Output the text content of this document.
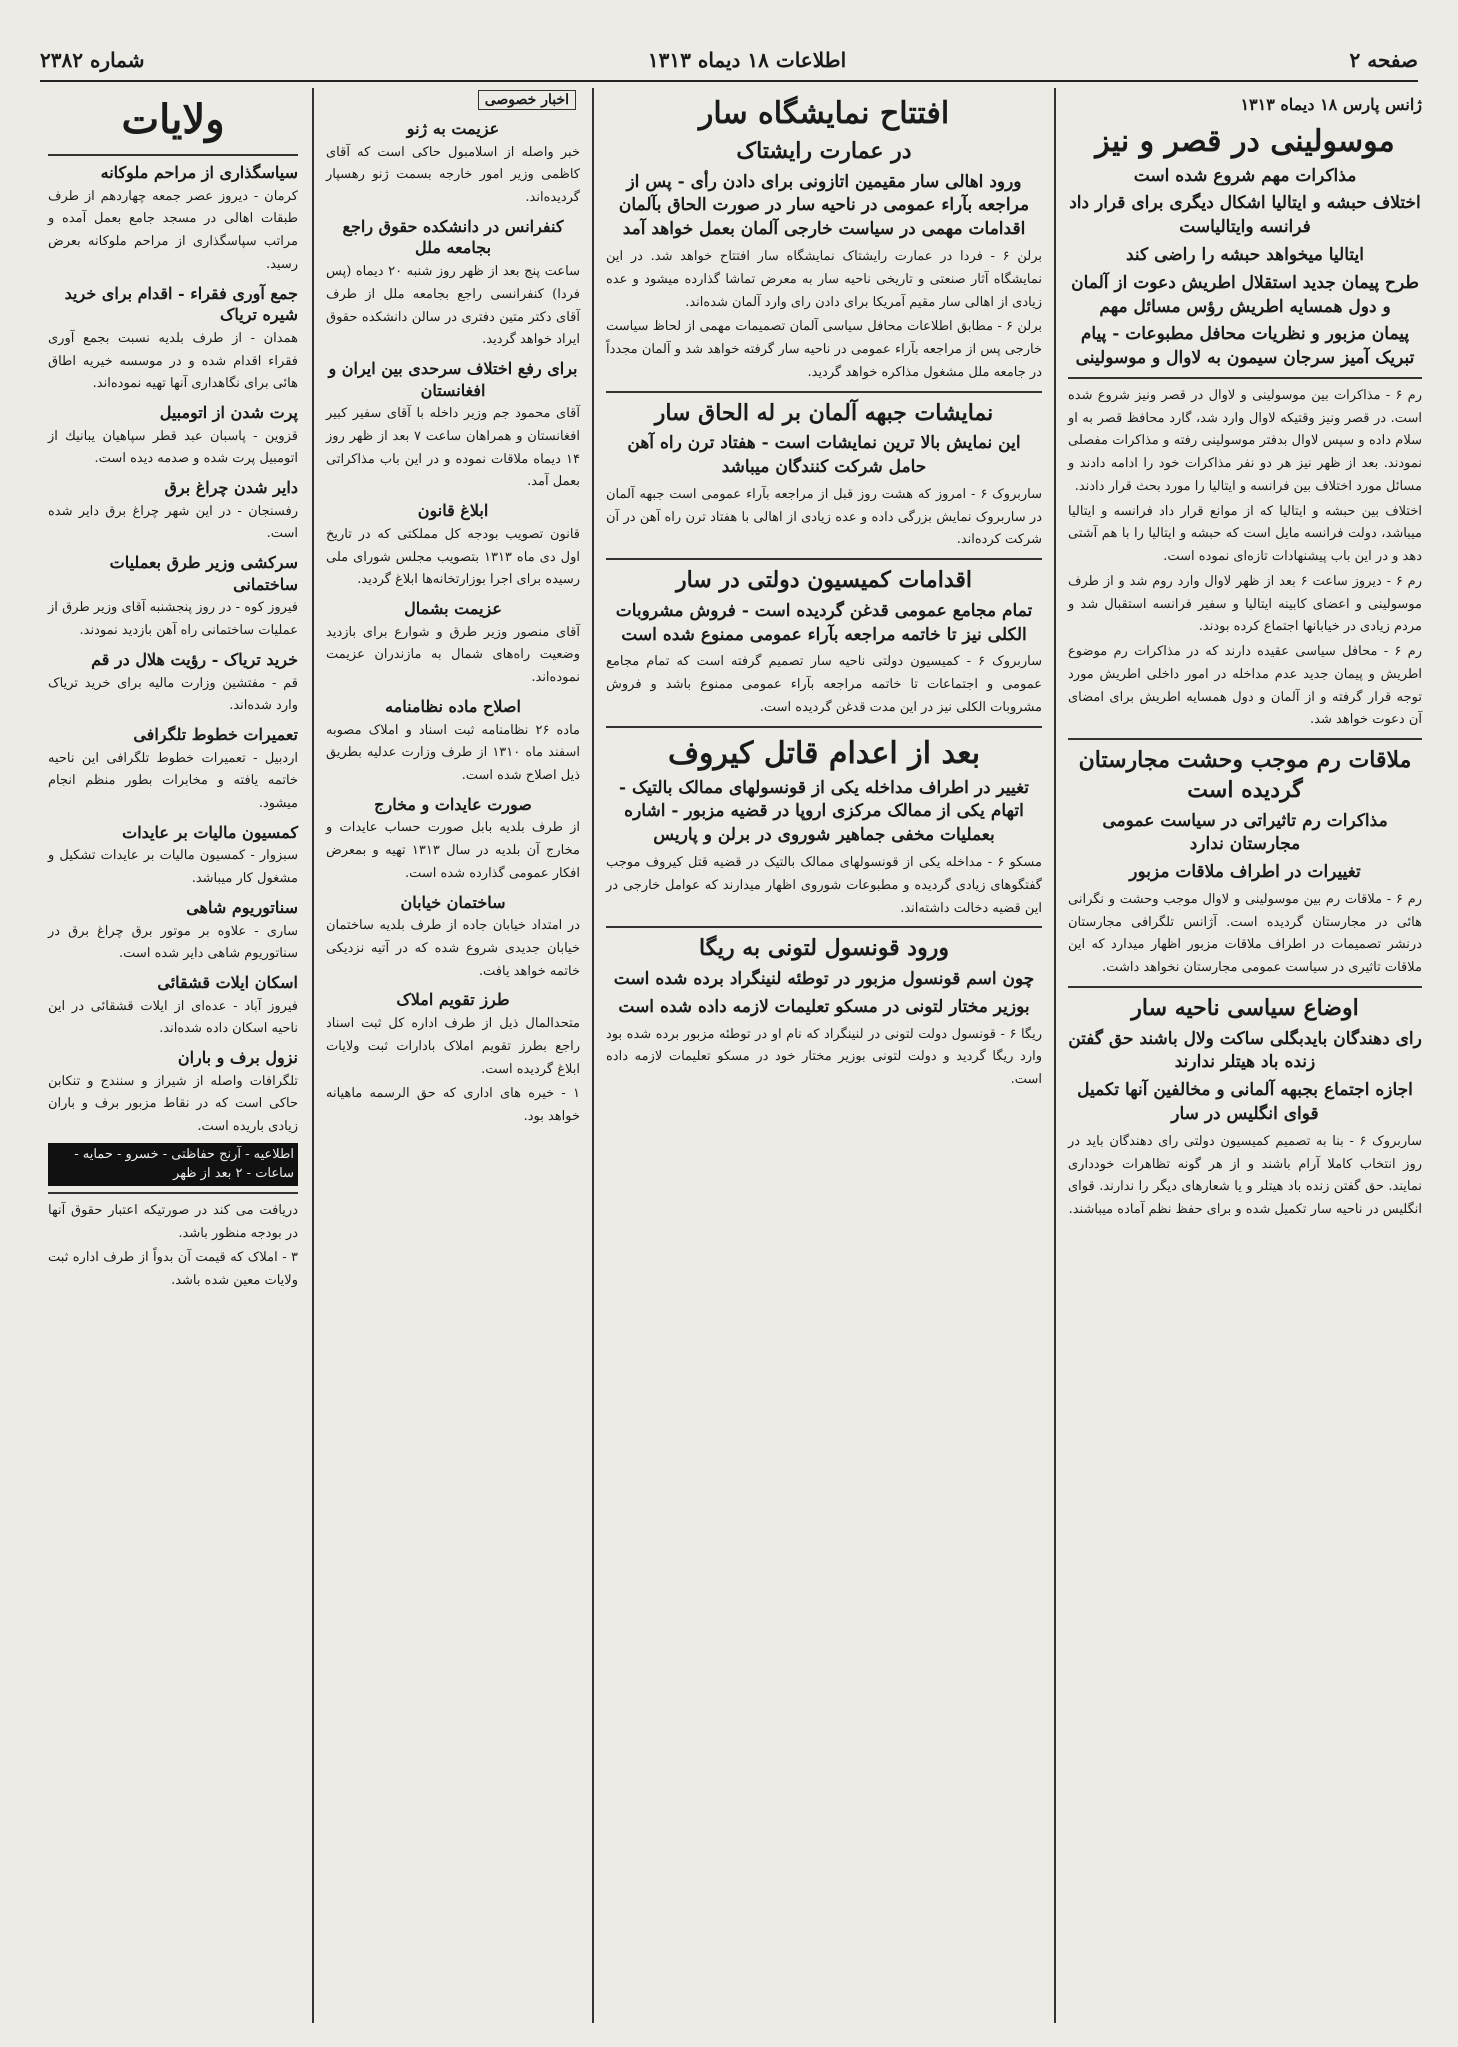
صفحه ۲
اطلاعات ۱۸ دیماه ۱۳۱۳
شماره ۲۳۸۲
ژانس پارس ۱۸ دیماه ۱۳۱۳
موسولینی در قصر و نیز
مذاکرات مهم شروع شده است
اختلاف حبشه و ایتالیا اشکال دیگری برای قرار داد فرانسه وایتالیاست
ایتالیا میخواهد حبشه را راضی کند
طرح پیمان جدید استقلال اطریش دعوت از آلمان و دول همسایه اطریش رؤس مسائل مهم
پیمان مزبور و نظریات محافل مطبوعات - پیام تبریک آمیز سرجان سیمون به لاوال و موسولینی
رم ۶ - مذاکرات بین موسولینی و لاوال در قصر ونیز شروع شده است. در قصر ونیز وقتیکه لاوال وارد شد، گارد محافظ قصر به او سلام داده و سپس لاوال بدفتر موسولینی رفته و مذاکرات مفصلی نمودند. بعد از ظهر نیز هر دو نفر مذاکرات خود را ادامه دادند و مسائل مورد اختلاف بین فرانسه و ایتالیا را مورد بحث قرار دادند.
اختلاف بین حبشه و ایتالیا که از موانع قرار داد فرانسه و ایتالیا میباشد، دولت فرانسه مایل است که حبشه و ایتالیا را با هم آشتی دهد و در این باب پیشنهادات تازه‌ای نموده است.
رم ۶ - دیروز ساعت ۶ بعد از ظهر لاوال وارد روم شد و از طرف موسولینی و اعضای کابینه ایتالیا و سفیر فرانسه استقبال شد و مردم زیادی در خیابانها اجتماع کرده بودند.
رم ۶ - محافل سیاسی عقیده دارند که در مذاکرات رم موضوع اطریش و پیمان جدید عدم مداخله در امور داخلی اطریش مورد توجه قرار گرفته و از آلمان و دول همسایه اطریش برای امضای آن دعوت خواهد شد.
ملاقات رم موجب وحشت مجارستان گردیده است
مذاکرات رم تاثیراتی در سیاست عمومی مجارستان ندارد
تغییرات در اطراف ملاقات مزبور
رم ۶ - ملاقات رم بین موسولینی و لاوال موجب وحشت و نگرانی هائی در مجارستان گردیده است. آژانس تلگرافی مجارستان درنشر تصمیمات در اطراف ملاقات مزبور اظهار میدارد که این ملاقات تاثیری در سیاست عمومی مجارستان نخواهد داشت.
اوضاع سیاسی ناحیه سار
رای دهندگان بایدبگلی ساکت ولال باشند حق گفتن زنده باد هیتلر ندارند
اجازه اجتماع بجبهه آلمانی و مخالفین آنها تکمیل قوای انگلیس در سار
ساربروک ۶ - بنا به تصمیم کمیسیون دولتی رای دهندگان باید در روز انتخاب کاملا آرام باشند و از هر گونه تظاهرات خودداری نمایند. حق گفتن زنده باد هیتلر و یا شعارهای دیگر را ندارند. قوای انگلیس در ناحیه سار تکمیل شده و برای حفظ نظم آماده میباشند.
افتتاح نمایشگاه سار
در عمارت رایشتاک
ورود اهالی سار مقیمین اتازونی برای دادن رأی - پس از مراجعه بآراء عمومی در ناحیه سار در صورت الحاق بآلمان اقدامات مهمی در سیاست خارجی آلمان بعمل خواهد آمد
برلن ۶ - فردا در عمارت رایشتاک نمایشگاه سار افتتاح خواهد شد. در این نمایشگاه آثار صنعتی و تاریخی ناحیه سار به معرض تماشا گذارده میشود و عده زیادی از اهالی سار مقیم آمریکا برای دادن رای وارد آلمان شده‌اند.
برلن ۶ - مطابق اطلاعات محافل سیاسی آلمان تصمیمات مهمی از لحاظ سیاست خارجی پس از مراجعه بآراء عمومی در ناحیه سار گرفته خواهد شد و آلمان مجدداً در جامعه ملل مشغول مذاکره خواهد گردید.
نمایشات جبهه آلمان بر له الحاق سار
این نمایش بالا ترین نمایشات است - هفتاد ترن راه آهن حامل شرکت کنندگان میباشد
ساربروک ۶ - امروز که هشت روز قبل از مراجعه بآراء عمومی است جبهه آلمان در ساربروک نمایش بزرگی داده و عده زیادی از اهالی با هفتاد ترن راه آهن در آن شرکت کرده‌اند.
اقدامات کمیسیون دولتی در سار
تمام مجامع عمومی قدغن گردیده است - فروش مشروبات الکلی نیز تا خاتمه مراجعه بآراء عمومی ممنوع شده است
ساربروک ۶ - کمیسیون دولتی ناحیه سار تصمیم گرفته است که تمام مجامع عمومی و اجتماعات تا خاتمه مراجعه بآراء عمومی ممنوع باشد و فروش مشروبات الکلی نیز در این مدت قدغن گردیده است.
بعد از اعدام قاتل کیروف
تغییر در اطراف مداخله یکی از قونسولهای ممالک بالتیک - اتهام یکی از ممالک مرکزی اروپا در قضیه مزبور - اشاره بعملیات مخفی جماهیر شوروی در برلن و پاریس
مسکو ۶ - مداخله یکی از قونسولهای ممالک بالتیک در قضیه قتل کیروف موجب گفتگوهای زیادی گردیده و مطبوعات شوروی اظهار میدارند که عوامل خارجی در این قضیه دخالت داشته‌اند.
ورود قونسول لتونی به ریگا
چون اسم قونسول مزبور در توطئه لنینگراد برده شده است
بوزیر مختار لتونی در مسکو تعلیمات لازمه داده شده است
ریگا ۶ - قونسول دولت لتونی در لنینگراد که نام او در توطئه مزبور برده شده بود وارد ریگا گردید و دولت لتونی بوزیر مختار خود در مسکو تعلیمات لازمه داده است.
اخبار خصوصی
عزیمت به ژنو
خبر واصله از اسلامبول حاکی است که آقای کاظمی وزیر امور خارجه بسمت ژنو رهسپار گردیده‌اند.
کنفرانس در دانشکده حقوق راجع بجامعه ملل
ساعت پنج بعد از ظهر روز شنبه ۲۰ دیماه (پس فردا) کنفرانسی راجع بجامعه ملل از طرف آقای دکتر متین دفتری در سالن دانشکده حقوق ایراد خواهد گردید.
برای رفع اختلاف سرحدی بین ایران و افغانستان
آقای محمود جم وزیر داخله با آقای سفیر کبیر افغانستان و همراهان ساعت ۷ بعد از ظهر روز ۱۴ دیماه ملاقات نموده و در این باب مذاکراتی بعمل آمد.
ابلاغ قانون
قانون تصویب بودجه کل مملکتی که در تاریخ اول دی ماه ۱۳۱۳ بتصویب مجلس شورای ملی رسیده برای اجرا بوزارتخانه‌ها ابلاغ گردید.
عزیمت بشمال
آقای منصور وزیر طرق و شوارع برای بازدید وضعیت راه‌های شمال به مازندران عزیمت نموده‌اند.
اصلاح ماده نظامنامه
ماده ۲۶ نظامنامه ثبت اسناد و املاک مصوبه اسفند ماه ۱۳۱۰ از طرف وزارت عدلیه بطریق ذیل اصلاح شده است.
صورت عایدات و مخارج
از طرف بلدیه بابل صورت حساب عایدات و مخارج آن بلدیه در سال ۱۳۱۳ تهیه و بمعرض افکار عمومی گذارده شده است.
ساختمان خیابان
در امتداد خیابان جاده از طرف بلدیه ساختمان خیابان جدیدی شروع شده که در آتیه نزدیکی خاتمه خواهد یافت.
طرز تقویم املاک
متحدالمال ذیل از طرف اداره کل ثبت اسناد راجع بطرز تقویم املاک بادارات ثبت ولایات ابلاغ گردیده است.
۱ - خیره های اداری که حق الرسمه ماهیانه خواهد بود.
ولایات
سیاسگذاری از مراحم ملوکانه
کرمان - دیروز عصر جمعه چهاردهم از طرف طبقات اهالی در مسجد جامع بعمل آمده و مراتب سپاسگذاری از مراحم ملوکانه بعرض رسید.
جمع آوری فقراء - اقدام برای خرید شیره تریاک
همدان - از طرف بلدیه نسبت بجمع آوری فقراء اقدام شده و در موسسه خیریه اطاق هائی برای نگاهداری آنها تهیه نموده‌اند.
پرت شدن از اتومبیل
قزوین - پاسبان عبد قطر سپاهیان یبانیك از اتومبیل پرت شده و صدمه دیده است.
دایر شدن چراغ برق
رفسنجان - در این شهر چراغ برق دایر شده است.
سرکشی وزیر طرق بعملیات ساختمانی
فیروز کوه - در روز پنجشنبه آقای وزیر طرق از عملیات ساختمانی راه آهن بازدید نمودند.
خرید تریاک - رؤیت هلال در قم
قم - مفتشین وزارت مالیه برای خرید تریاک وارد شده‌اند.
تعمیرات خطوط تلگرافی
اردبیل - تعمیرات خطوط تلگرافی این ناحیه خاتمه یافته و مخابرات بطور منظم انجام میشود.
کمسیون مالیات بر عایدات
سبزوار - کمسیون مالیات بر عایدات تشکیل و مشغول کار میباشد.
سناتوریوم شاهی
ساری - علاوه بر موتور برق چراغ برق در سناتوریوم شاهی دایر شده است.
اسکان ایلات قشقائی
فیروز آباد - عده‌ای از ایلات قشقائی در این ناحیه اسکان داده شده‌اند.
نزول برف و باران
تلگرافات واصله از شیراز و سنندج و تنکابن حاکی است که در نقاط مزبور برف و باران زیادی باریده است.
اطلاعیه - آرنج حفاظتی - خسرو - حمایه - ساعات - ۲ بعد از ظهر
دریافت می کند در صورتیکه اعتبار حقوق آنها در بودجه منظور باشد.
۳ - املاک که قیمت آن بدواً از طرف اداره ثبت ولایات معین شده باشد.
